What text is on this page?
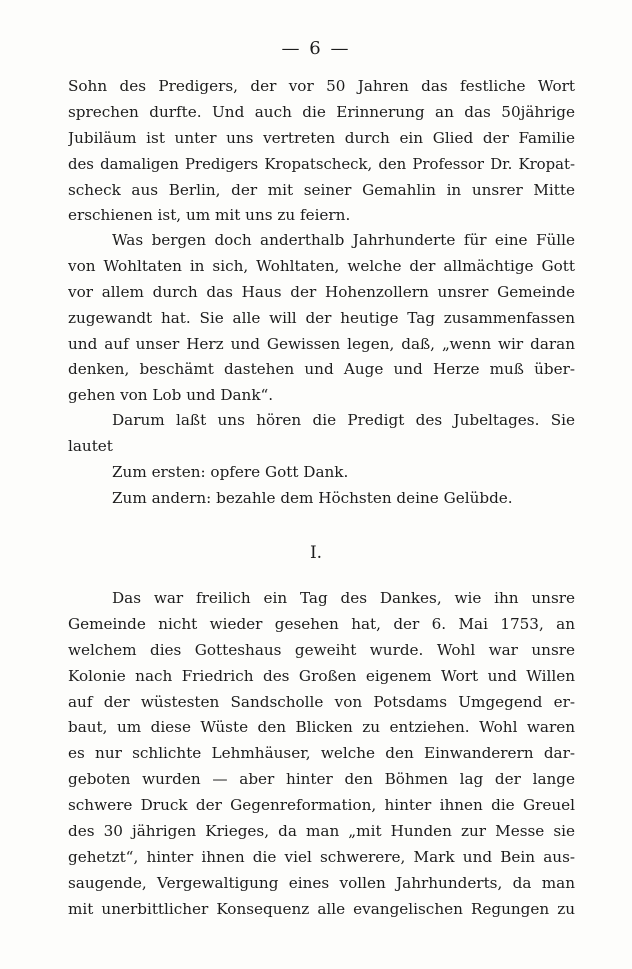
— 6 —
Sohn des Predigers, der vor 50 Jahren das festliche Wort
sprechen durfte. Und auch die Erinnerung an das 50jährige
Jubiläum ist unter uns vertreten durch ein Glied der Familie
des damaligen Predigers Kropatscheck, den Professor Dr. Kropat-
scheck aus Berlin, der mit seiner Gemahlin in unsrer Mitte
erschienen ist, um mit uns zu feiern.
Was bergen doch anderthalb Jahrhunderte für eine Fülle
von Wohltaten in sich, Wohltaten, welche der allmächtige Gott
vor allem durch das Haus der Hohenzollern unsrer Gemeinde
zugewandt hat. Sie alle will der heutige Tag zusammenfassen
und auf unser Herz und Gewissen legen, daß, „wenn wir daran
denken, beschämt dastehen und Auge und Herze muß über-
gehen von Lob und Dank“.
Darum laßt uns hören die Predigt des Jubeltages. Sie
lautet
Zum ersten: opfere Gott Dank.
Zum andern: bezahle dem Höchsten deine Gelübde.
I.
Das war freilich ein Tag des Dankes, wie ihn unsre
Gemeinde nicht wieder gesehen hat, der 6. Mai 1753, an
welchem dies Gotteshaus geweiht wurde. Wohl war unsre
Kolonie nach Friedrich des Großen eigenem Wort und Willen
auf der wüstesten Sandscholle von Potsdams Umgegend er-
baut, um diese Wüste den Blicken zu entziehen. Wohl waren
es nur schlichte Lehmhäuser, welche den Einwanderern dar-
geboten wurden — aber hinter den Böhmen lag der lange
schwere Druck der Gegenreformation, hinter ihnen die Greuel
des 30 jährigen Krieges, da man „mit Hunden zur Messe sie
gehetzt“, hinter ihnen die viel schwerere, Mark und Bein aus-
saugende, Vergewaltigung eines vollen Jahrhunderts, da man
mit unerbittlicher Konsequenz alle evangelischen Regungen zu
